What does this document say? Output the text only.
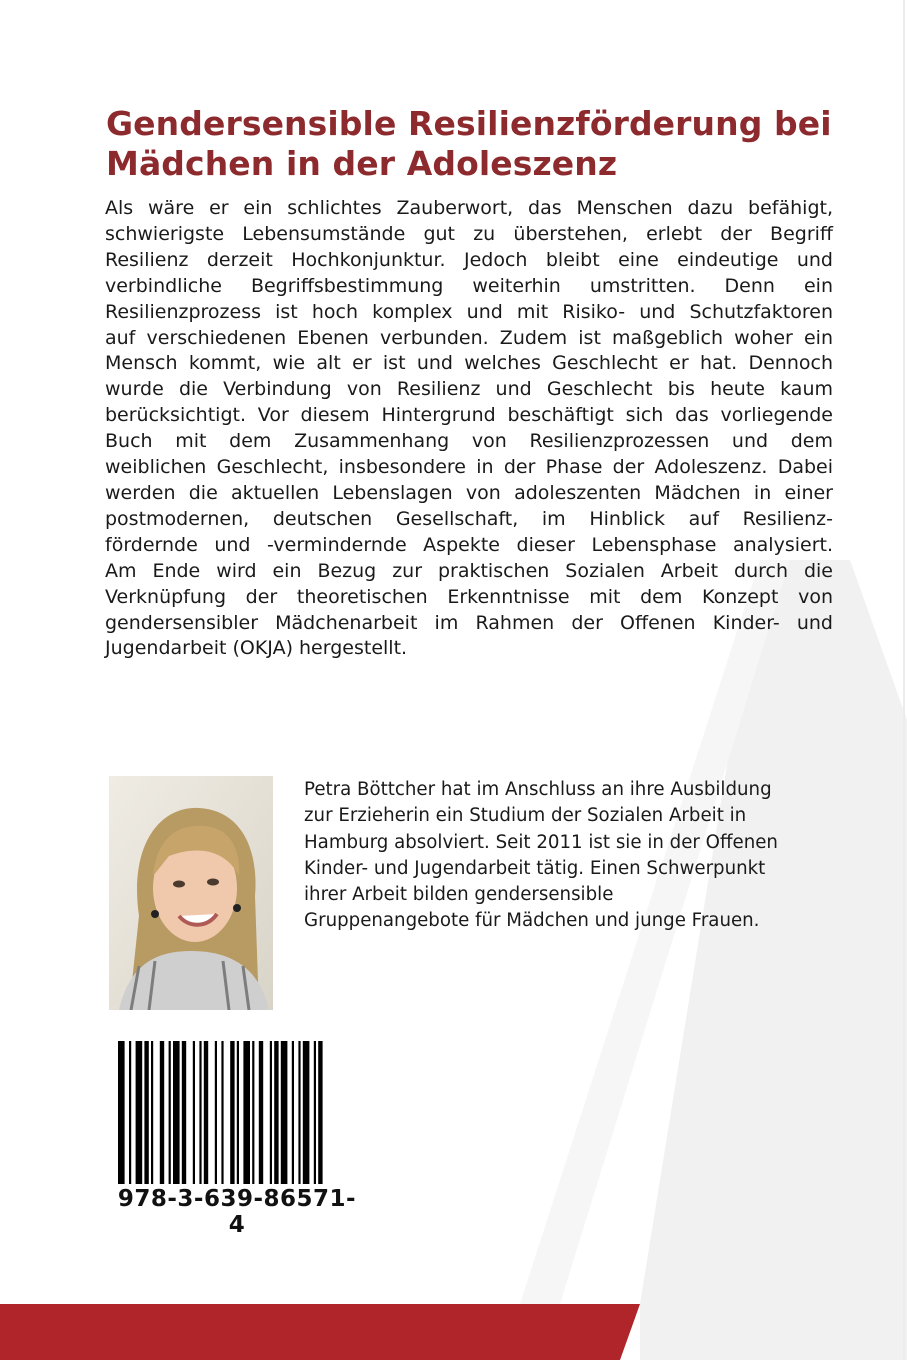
Gendersensible Resilienzförderung bei
Mädchen in der Adoleszenz
Als wäre er ein schlichtes Zauberwort, das Menschen dazu befähigt,
schwierigste Lebensumstände gut zu überstehen, erlebt der Begriff
Resilienz derzeit Hochkonjunktur. Jedoch bleibt eine eindeutige und
verbindliche Begriffsbestimmung weiterhin umstritten. Denn ein
Resilienzprozess ist hoch komplex und mit Risiko- und Schutzfaktoren
auf verschiedenen Ebenen verbunden. Zudem ist maßgeblich woher ein
Mensch kommt, wie alt er ist und welches Geschlecht er hat. Dennoch
wurde die Verbindung von Resilienz und Geschlecht bis heute kaum
berücksichtigt. Vor diesem Hintergrund beschäftigt sich das vorliegende
Buch mit dem Zusammenhang von Resilienzprozessen und dem
weiblichen Geschlecht, insbesondere in der Phase der Adoleszenz. Dabei
werden die aktuellen Lebenslagen von adoleszenten Mädchen in einer
postmodernen, deutschen Gesellschaft, im Hinblick auf Resilienz-
fördernde und -vermindernde Aspekte dieser Lebensphase analysiert.
Am Ende wird ein Bezug zur praktischen Sozialen Arbeit durch die
Verknüpfung der theoretischen Erkenntnisse mit dem Konzept von
gendersensibler Mädchenarbeit im Rahmen der Offenen Kinder- und
Jugendarbeit (OKJA) hergestellt.
Petra Böttcher hat im Anschluss an ihre Ausbildung
zur Erzieherin ein Studium der Sozialen Arbeit in
Hamburg absolviert. Seit 2011 ist sie in der Offenen
Kinder- und Jugendarbeit tätig. Einen Schwerpunkt
ihrer Arbeit bilden gendersensible
Gruppenangebote für Mädchen und junge Frauen.
978-3-639-86571-4
